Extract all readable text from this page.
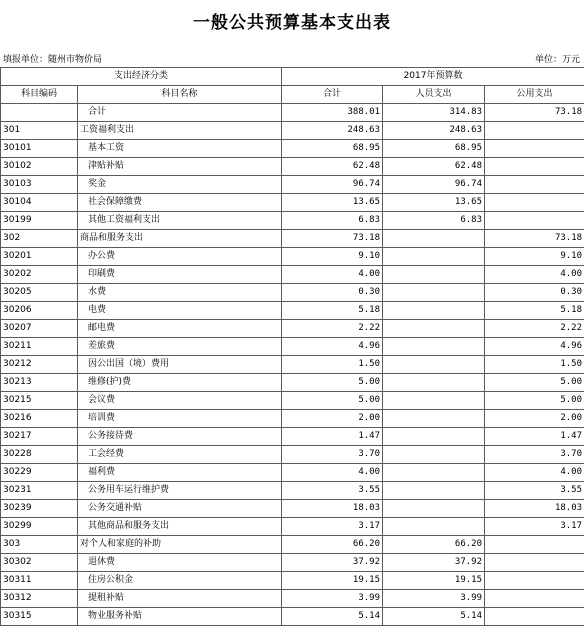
一般公共预算基本支出表
填报单位：随州市物价局	单位：万元
支出经济分类		2017年预算数		
科目编码	科目名称	合计	人员支出	公用支出
	合计	388.01	314.83	73.18
301	工资福利支出	248.63	248.63	
30101	基本工资	68.95	68.95	
30102	津贴补贴	62.48	62.48	
30103	奖金	96.74	96.74	
30104	社会保障缴费	13.65	13.65	
30199	其他工资福利支出	6.83	6.83	
302	商品和服务支出	73.18		73.18
30201	办公费	9.10		9.10
30202	印刷费	4.00		4.00
30205	水费	0.30		0.30
30206	电费	5.18		5.18
30207	邮电费	2.22		2.22
30211	差旅费	4.96		4.96
30212	因公出国（境）费用	1.50		1.50
30213	维修(护)费	5.00		5.00
30215	会议费	5.00		5.00
30216	培训费	2.00		2.00
30217	公务接待费	1.47		1.47
30228	工会经费	3.70		3.70
30229	福利费	4.00		4.00
30231	公务用车运行维护费	3.55		3.55
30239	公务交通补贴	18.03		18.03
30299	其他商品和服务支出	3.17		3.17
303	对个人和家庭的补助	66.20	66.20	
30302	退休费	37.92	37.92	
30311	住房公积金	19.15	19.15	
30312	提租补贴	3.99	3.99	
30315	物业服务补贴	5.14	5.14	
